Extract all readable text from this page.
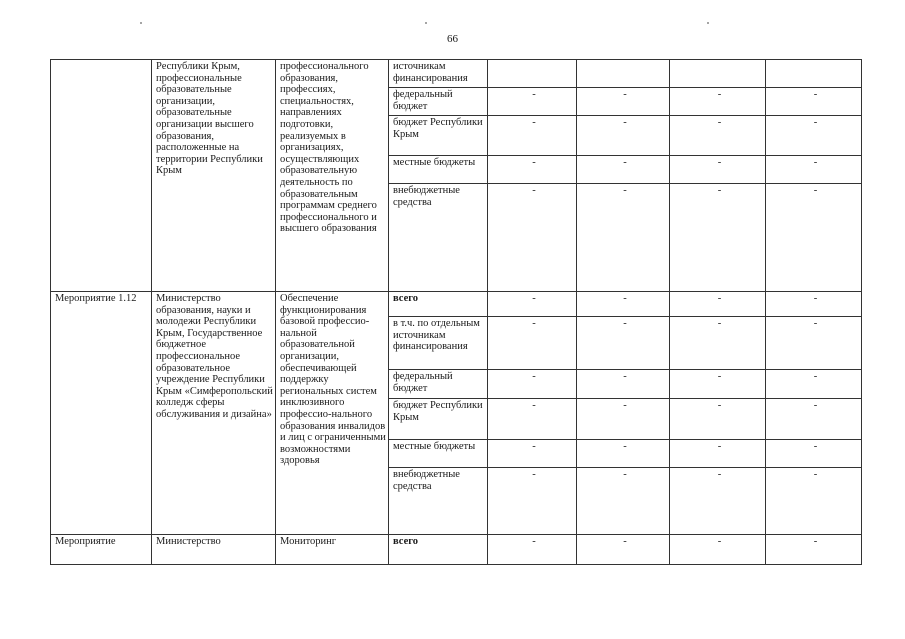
66

	Республики Крым, профессиональные образовательные организации, образовательные организации высшего образования, расположенные на территории Республики Крым	профессионального образования, профессиях, специальностях, направлениях подготовки, реализуемых в организациях, осуществляющих образовательную деятельность по образовательным программам среднего профессионального и высшего образования	источникам финансирования				
			федеральный бюджет	-	-	-	-
			бюджет Республики Крым	-	-	-	-
			местные бюджеты	-	-	-	-
			внебюджетные средства	-	-	-	-

Мероприятие 1.12	Министерство образования, науки и молодежи Республики Крым, Государственное бюджетное профессиональное образовательное учреждение Республики Крым «Симферопольский колледж сферы обслуживания и дизайна»	Обеспечение функционирования базовой профессио-нальной образовательной организации, обеспечивающей поддержку региональных систем инклюзивного профессио-нального образования инвалидов и лиц с ограниченными возможностями здоровья	всего	-	-	-	-
			в т.ч. по отдельным источникам финансирования	-	-	-	-
			федеральный бюджет	-	-	-	-
			бюджет Республики Крым	-	-	-	-
			местные бюджеты	-	-	-	-
			внебюджетные средства	-	-	-	-

Мероприятие	Министерство	Мониторинг	всего	-	-	-	-
